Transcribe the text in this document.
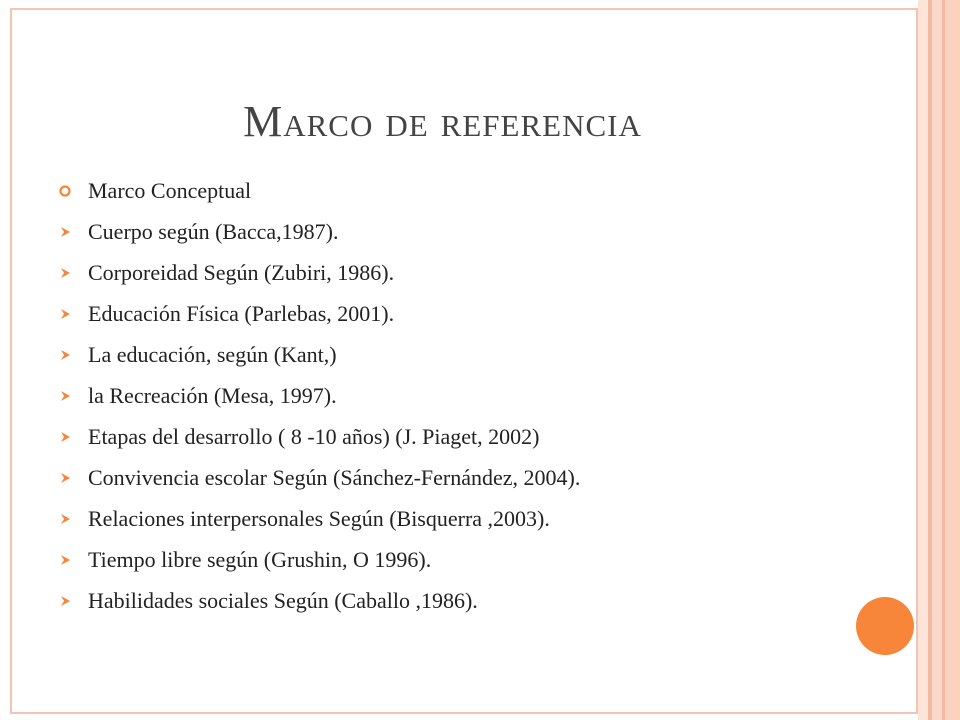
Marco de referencia
Marco Conceptual
Cuerpo según (Bacca,1987).
Corporeidad Según (Zubiri, 1986).
Educación Física (Parlebas, 2001).
La educación, según (Kant,)
la Recreación (Mesa, 1997).
Etapas del desarrollo ( 8 -10 años) (J. Piaget, 2002)
Convivencia escolar Según (Sánchez-Fernández, 2004).
Relaciones interpersonales Según (Bisquerra ,2003).
Tiempo libre según (Grushin, O 1996).
Habilidades sociales Según (Caballo ,1986).
